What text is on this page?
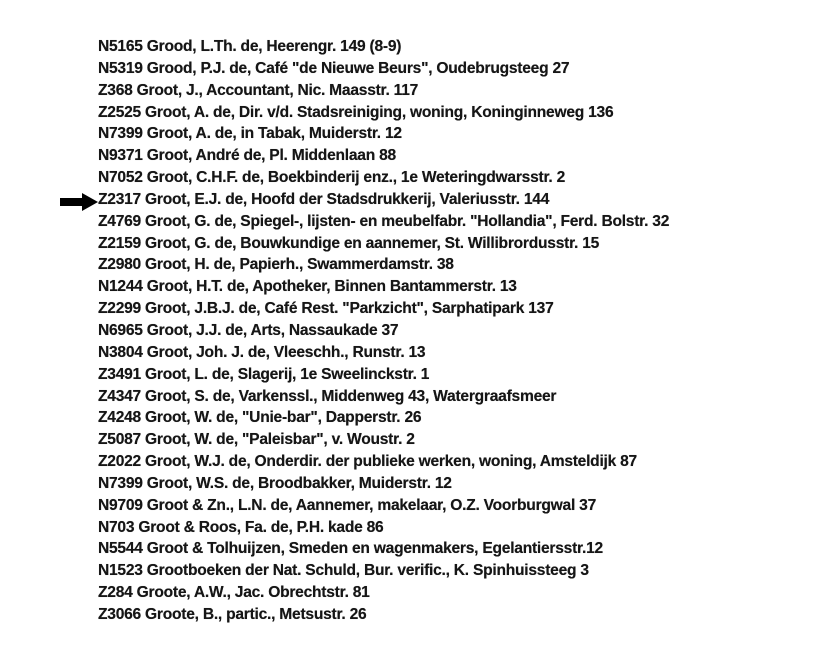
N5165 Grood, L.Th. de, Heerengr. 149 (8-9)
N5319 Grood, P.J. de, Café "de Nieuwe Beurs", Oudebrugsteeg 27
Z368 Groot, J., Accountant, Nic. Maasstr. 117
Z2525 Groot, A. de, Dir. v/d. Stadsreiniging, woning, Koninginneweg 136
N7399 Groot, A. de, in Tabak, Muiderstr. 12
N9371 Groot, André de, Pl. Middenlaan 88
N7052 Groot, C.H.F. de, Boekbinderij enz., 1e Weteringdwarsstr. 2
Z2317 Groot, E.J. de, Hoofd der Stadsdrukkerij, Valeriusstr. 144
Z4769 Groot, G. de, Spiegel-, lijsten- en meubelfabr. "Hollandia", Ferd. Bolstr. 32
Z2159 Groot, G. de, Bouwkundige en aannemer, St. Willibrordusstr. 15
Z2980 Groot, H. de, Papierh., Swammerdamstr. 38
N1244 Groot, H.T. de, Apotheker, Binnen Bantammerstr. 13
Z2299 Groot, J.B.J. de, Café Rest. "Parkzicht", Sarphatipark 137
N6965 Groot, J.J. de, Arts, Nassaukade 37
N3804 Groot, Joh. J. de, Vleeschh., Runstr. 13
Z3491 Groot, L. de, Slagerij, 1e Sweelinckstr. 1
Z4347 Groot, S. de, Varkenssl., Middenweg 43, Watergraafsmeer
Z4248 Groot, W. de, "Unie-bar", Dapperstr. 26
Z5087 Groot, W. de, "Paleisbar", v. Woustr. 2
Z2022 Groot, W.J. de, Onderdir. der publieke werken, woning, Amsteldijk 87
N7399 Groot, W.S. de, Broodbakker, Muiderstr. 12
N9709 Groot & Zn., L.N. de, Aannemer, makelaar, O.Z. Voorburgwal 37
N703 Groot & Roos, Fa. de, P.H. kade 86
N5544 Groot & Tolhuijzen, Smeden en wagenmakers, Egelantiersstr.12
N1523 Grootboeken der Nat. Schuld, Bur. verific., K. Spinhuissteeg 3
Z284 Groote, A.W., Jac. Obrechtstr. 81
Z3066 Groote, B., partic., Metsustr. 26
